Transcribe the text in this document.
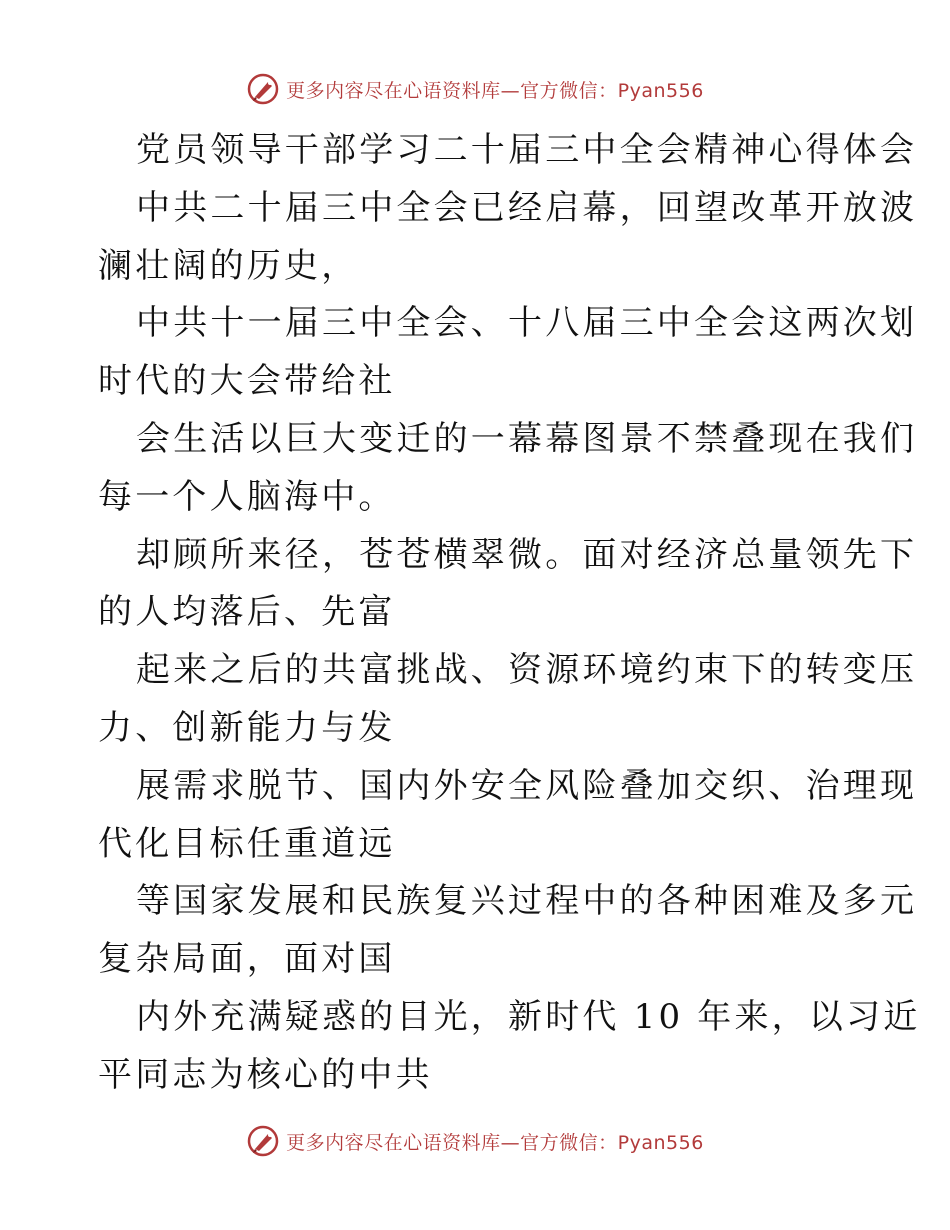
更多内容尽在心语资料库—官方微信：Pyan556
党员领导干部学习二十届三中全会精神心得体会
中共二十届三中全会已经启幕，回望改革开放波
澜壮阔的历史，
中共十一届三中全会、十八届三中全会这两次划
时代的大会带给社
会生活以巨大变迁的一幕幕图景不禁叠现在我们
每一个人脑海中。
却顾所来径，苍苍横翠微。面对经济总量领先下
的人均落后、先富
起来之后的共富挑战、资源环境约束下的转变压
力、创新能力与发
展需求脱节、国内外安全风险叠加交织、治理现
代化目标任重道远
等国家发展和民族复兴过程中的各种困难及多元
复杂局面，面对国
内外充满疑惑的目光，新时代 10 年来，以习近
平同志为核心的中共
更多内容尽在心语资料库—官方微信：Pyan556
